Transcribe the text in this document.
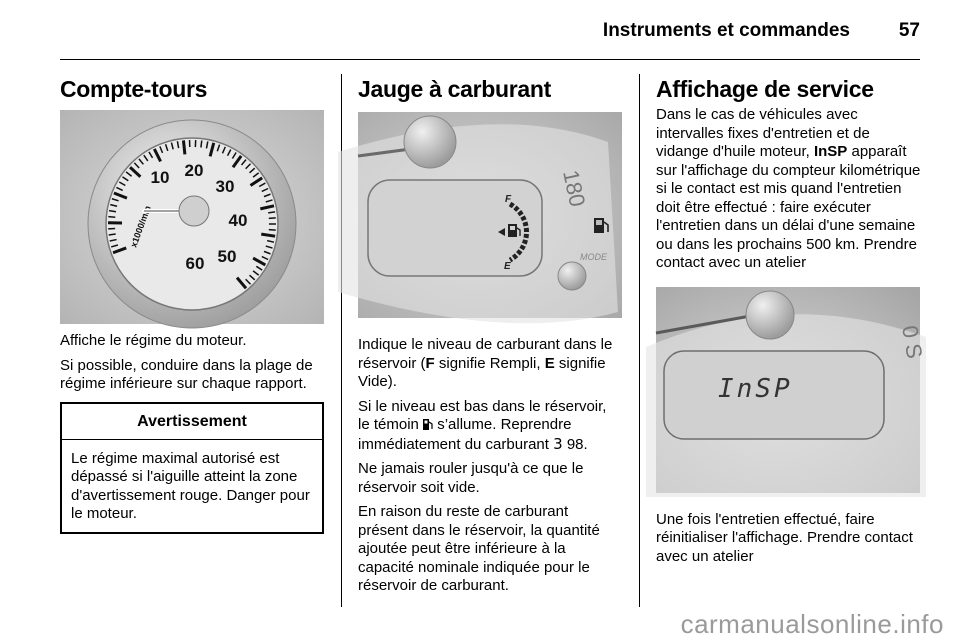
Instruments et commandes	57
Compte-tours
10 20
30
40
50
60
x1000/min

Affiche le régime du moteur.

Si possible, conduire dans la plage de régime inférieure sur chaque rapport.

Avertissement

Le régime maximal autorisé est dépassé si l'aiguille atteint la zone d'avertissement rouge. Danger pour le moteur.

Jauge à carburant
180
F
E
MODE

Indique le niveau de carburant dans le réservoir (F signifie Rempli, E signifie Vide).

Si le niveau est bas dans le réservoir, le témoin  s’allume. Reprendre immédiatement du carburant 3 98.

Ne jamais rouler jusqu'à ce que le réservoir soit vide.

En raison du reste de carburant présent dans le réservoir, la quantité ajoutée peut être inférieure à la capacité nominale indiquée pour le réservoir de carburant.

Affichage de service

Dans le cas de véhicules avec intervalles fixes d'entretien et de vidange d'huile moteur, InSP apparaît sur l'affichage du compteur kilométrique si le contact est mis quand l'entretien doit être effectué : faire exécuter l'entretien dans un délai d'une semaine ou dans les prochains 500 km. Prendre contact avec un atelier

0 S
InSP

Une fois l'entretien effectué, faire réinitialiser l'affichage. Prendre contact avec un atelier

carmanualsonline.info
